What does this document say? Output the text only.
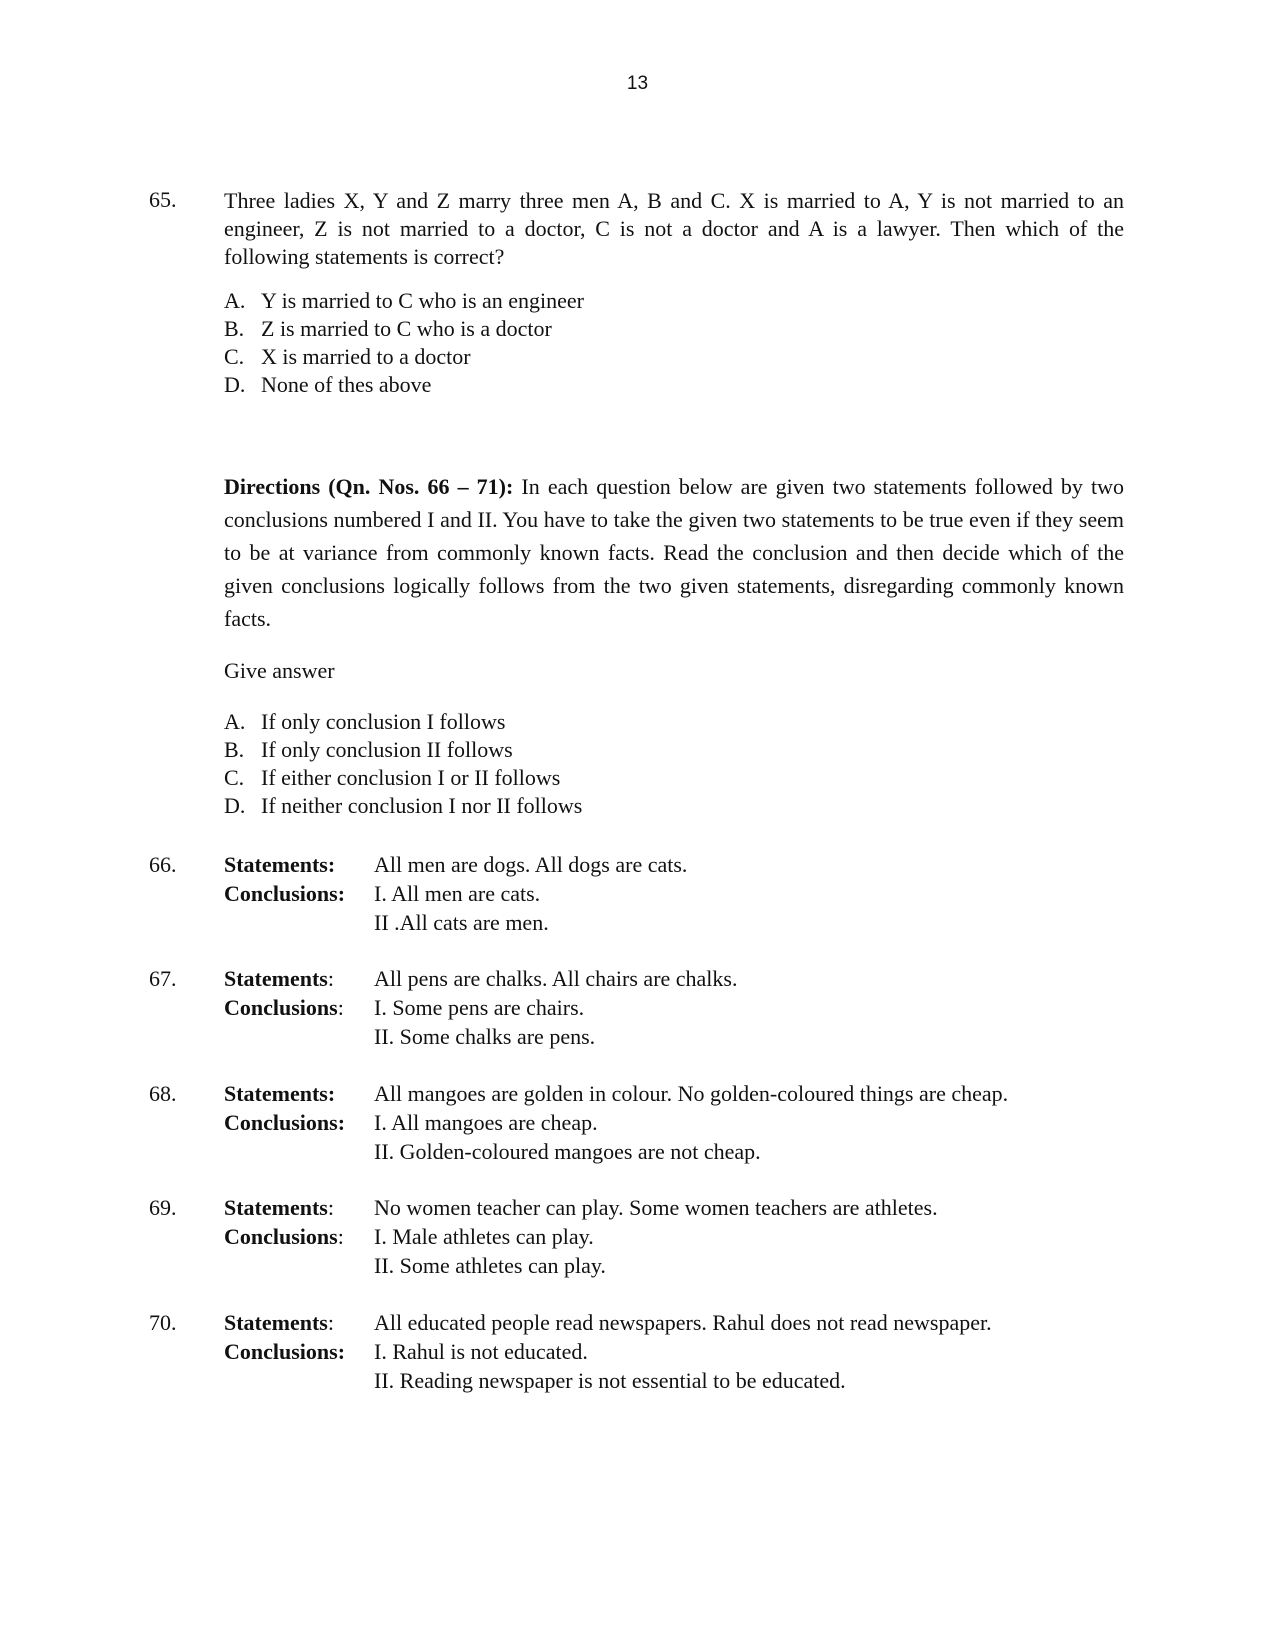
13
65. Three ladies X, Y and Z marry three men A, B and C. X is married to A, Y is not married to an engineer, Z is not married to a doctor, C is not a doctor and A is a lawyer. Then which of the following statements is correct?
A. Y is married to C who is an engineer
B. Z is married to C who is a doctor
C. X is married to a doctor
D. None of thes above
Directions (Qn. Nos. 66 – 71): In each question below are given two statements followed by two conclusions numbered I and II. You have to take the given two statements to be true even if they seem to be at variance from commonly known facts. Read the conclusion and then decide which of the given conclusions logically follows from the two given statements, disregarding commonly known facts.
Give answer
A. If only conclusion I follows
B. If only conclusion II follows
C. If either conclusion I or II follows
D. If neither conclusion I nor II follows
66.	Statements:	All men are dogs. All dogs are cats.
Conclusions:	I. All men are cats.
II .All cats are men.
67.	Statements:	All pens are chalks. All chairs are chalks.
Conclusions:	I. Some pens are chairs.
II. Some chalks are pens.
68.	Statements:	All mangoes are golden in colour. No golden-coloured things are cheap.
Conclusions:	I. All mangoes are cheap.
II. Golden-coloured mangoes are not cheap.
69.	Statements:	No women teacher can play. Some women teachers are athletes.
Conclusions:	I. Male athletes can play.
II. Some athletes can play.
70.	Statements:	All educated people read newspapers. Rahul does not read newspaper.
Conclusions:	I. Rahul is not educated.
II. Reading newspaper is not essential to be educated.
